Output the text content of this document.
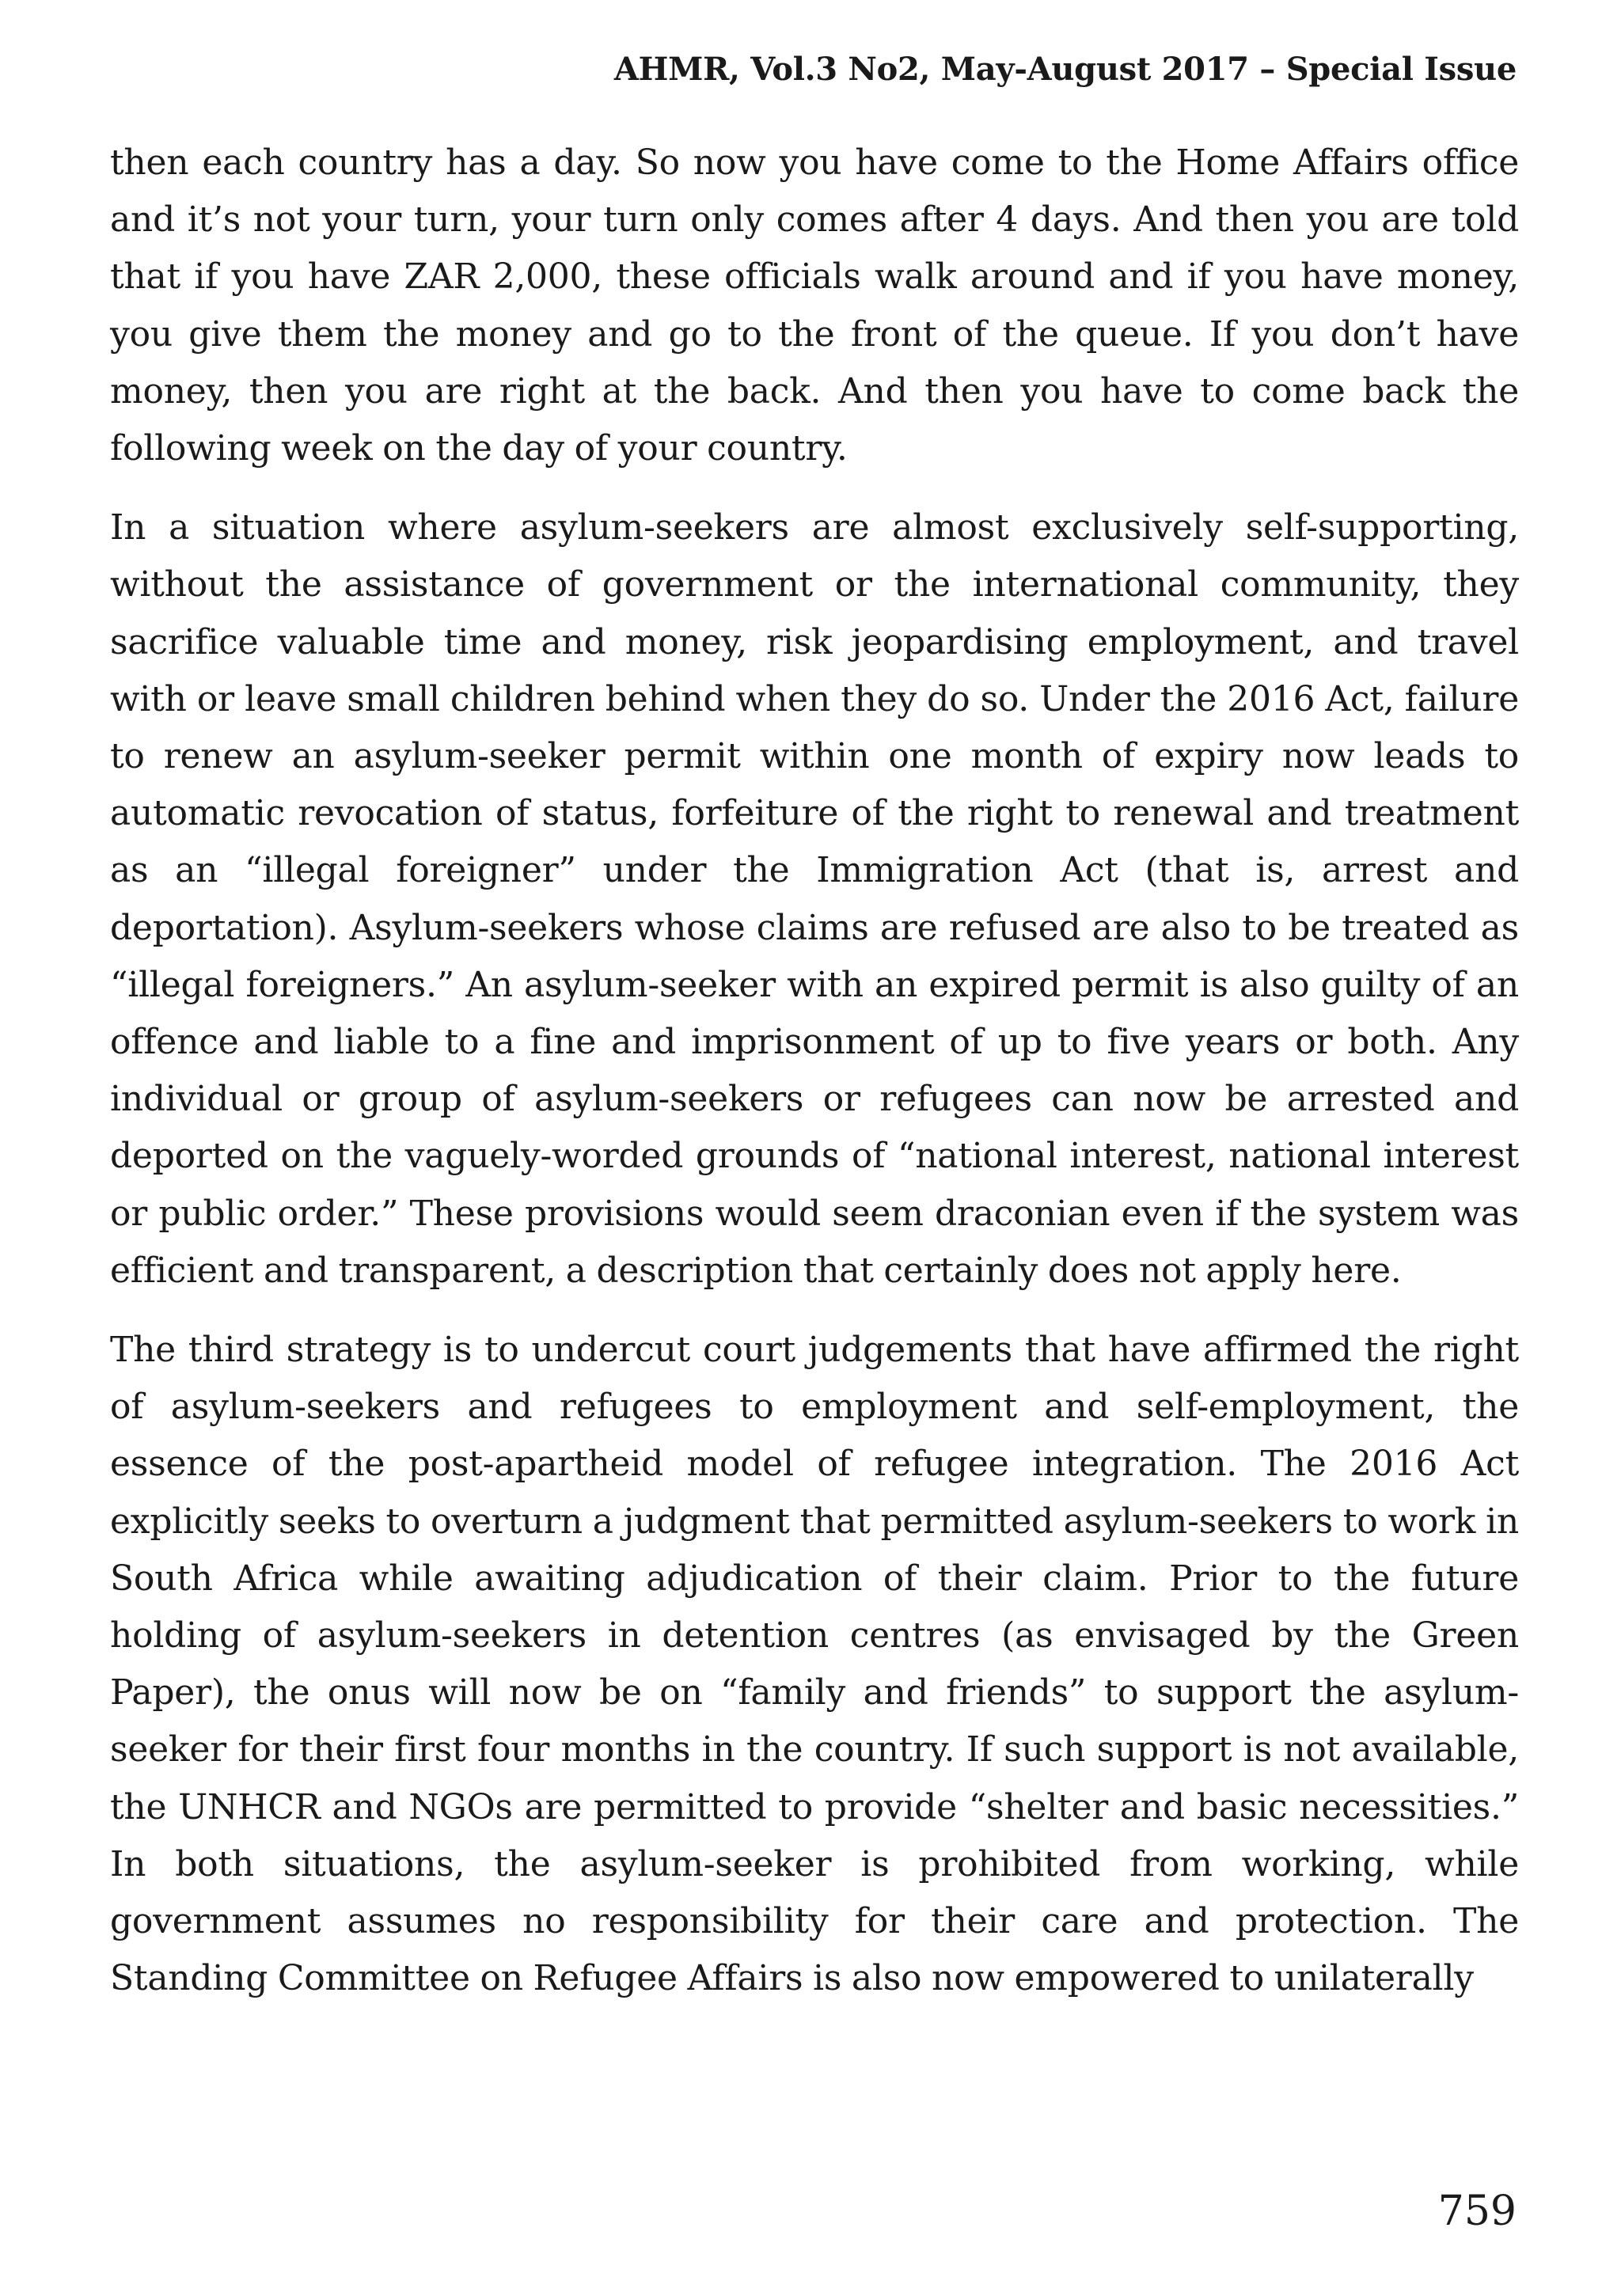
AHMR, Vol.3 No2, May-August 2017 – Special Issue

then each country has a day. So now you have come to the Home Affairs office and it’s not your turn, your turn only comes after 4 days. And then you are told that if you have ZAR 2,000, these officials walk around and if you have money, you give them the money and go to the front of the queue. If you don’t have money, then you are right at the back. And then you have to come back the following week on the day of your country.

In a situation where asylum-seekers are almost exclusively self-supporting, without the assistance of government or the international community, they sacrifice valuable time and money, risk jeopardising employment, and travel with or leave small children behind when they do so. Under the 2016 Act, failure to renew an asylum-seeker permit within one month of expiry now leads to automatic revocation of status, forfeiture of the right to renewal and treatment as an “illegal foreigner” under the Immigration Act (that is, arrest and deportation). Asylum-seekers whose claims are refused are also to be treated as “illegal foreigners.” An asylum-seeker with an expired permit is also guilty of an offence and liable to a fine and imprisonment of up to five years or both. Any individual or group of asylum-seekers or refugees can now be arrested and deported on the vaguely-worded grounds of “national interest, national interest or public order.” These provisions would seem draconian even if the system was efficient and transparent, a description that certainly does not apply here.

The third strategy is to undercut court judgements that have affirmed the right of asylum-seekers and refugees to employment and self-employment, the essence of the post-apartheid model of refugee integration. The 2016 Act explicitly seeks to overturn a judgment that permitted asylum-seekers to work in South Africa while awaiting adjudication of their claim. Prior to the future holding of asylum-seekers in detention centres (as envisaged by the Green Paper), the onus will now be on “family and friends” to support the asylum-seeker for their first four months in the country. If such support is not available, the UNHCR and NGOs are permitted to provide “shelter and basic necessities.” In both situations, the asylum-seeker is prohibited from working, while government assumes no responsibility for their care and protection. The Standing Committee on Refugee Affairs is also now empowered to unilaterally

759
